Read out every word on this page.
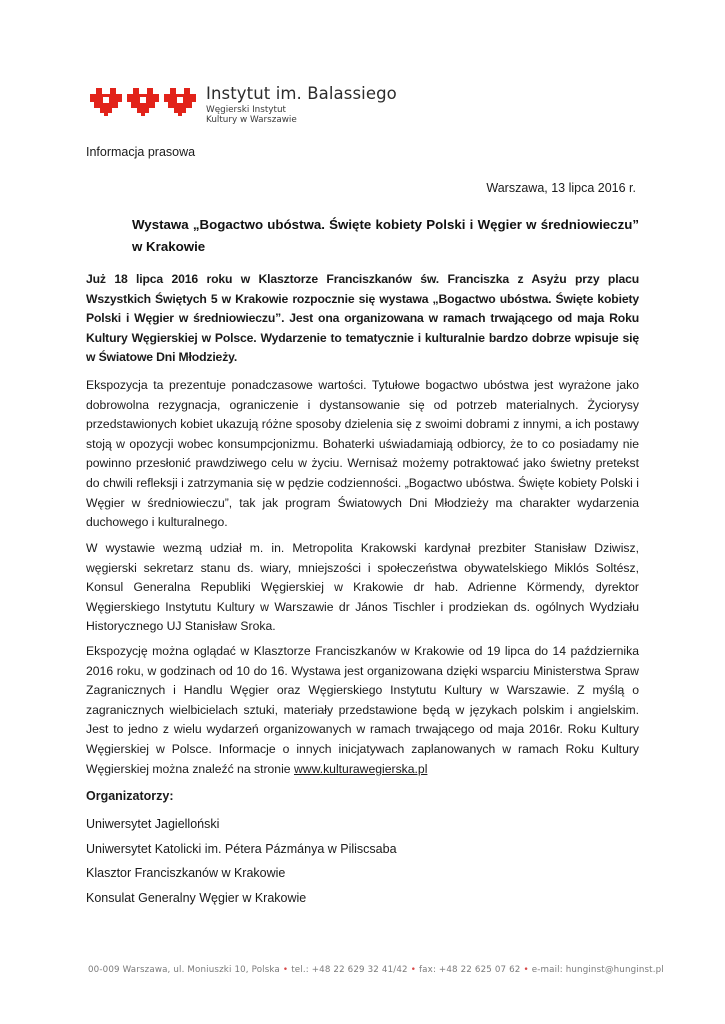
Instytut im. Balassiego
Węgierski Instytut
Kultury w Warszawie
Informacja prasowa
Warszawa, 13 lipca 2016 r.
Wystawa „Bogactwo ubóstwa. Święte kobiety Polski i Węgier w średniowieczu” w Krakowie

Już 18 lipca 2016 roku w Klasztorze Franciszkanów św. Franciszka z Asyżu przy placu Wszystkich Świętych 5 w Krakowie rozpocznie się wystawa „Bogactwo ubóstwa. Święte kobiety Polski i Węgier w średniowieczu”. Jest ona organizowana w ramach trwającego od maja Roku Kultury Węgierskiej w Polsce. Wydarzenie to tematycznie i kulturalnie bardzo dobrze wpisuje się w Światowe Dni Młodzieży.

Ekspozycja ta prezentuje ponadczasowe wartości. Tytułowe bogactwo ubóstwa jest wyrażone jako dobrowolna rezygnacja, ograniczenie i dystansowanie się od potrzeb materialnych. Życiorysy przedstawionych kobiet ukazują różne sposoby dzielenia się z swoimi dobrami z innymi, a ich postawy stoją w opozycji wobec konsumpcjonizmu. Bohaterki uświadamiają odbiorcy, że to co posiadamy nie powinno przesłonić prawdziwego celu w życiu. Wernisaż możemy potraktować jako świetny pretekst do chwili refleksji i zatrzymania się w pędzie codzienności. „Bogactwo ubóstwa. Święte kobiety Polski i Węgier w średniowieczu”, tak jak program Światowych Dni Młodzieży ma charakter wydarzenia duchowego i kulturalnego.

W wystawie wezmą udział m. in. Metropolita Krakowski kardynał prezbiter Stanisław Dziwisz, węgierski sekretarz stanu ds. wiary, mniejszości i społeczeństwa obywatelskiego Miklós Soltész, Konsul Generalna Republiki Węgierskiej w Krakowie dr hab. Adrienne Körmendy, dyrektor Węgierskiego Instytutu Kultury w Warszawie dr János Tischler i prodziekan ds. ogólnych Wydziału Historycznego UJ Stanisław Sroka.

Ekspozycję można oglądać w Klasztorze Franciszkanów w Krakowie od 19 lipca do 14 października 2016 roku, w godzinach od 10 do 16. Wystawa jest organizowana dzięki wsparciu Ministerstwa Spraw Zagranicznych i Handlu Węgier oraz Węgierskiego Instytutu Kultury w Warszawie. Z myślą o zagranicznych wielbicielach sztuki, materiały przedstawione będą w językach polskim i angielskim. Jest to jedno z wielu wydarzeń organizowanych w ramach trwającego od maja 2016r. Roku Kultury Węgierskiej w Polsce. Informacje o innych inicjatywach zaplanowanych w ramach Roku Kultury Węgierskiej można znaleźć na stronie www.kulturawegierska.pl

Organizatorzy:
Uniwersytet Jagielloński
Uniwersytet Katolicki im. Pétera Pázmánya w Piliscsaba
Klasztor Franciszkanów w Krakowie
Konsulat Generalny Węgier w Krakowie
00-009 Warszawa, ul. Moniuszki 10, Polska • tel.: +48 22 629 32 41/42 • fax: +48 22 625 07 62 • e-mail: hunginst@hunginst.pl
